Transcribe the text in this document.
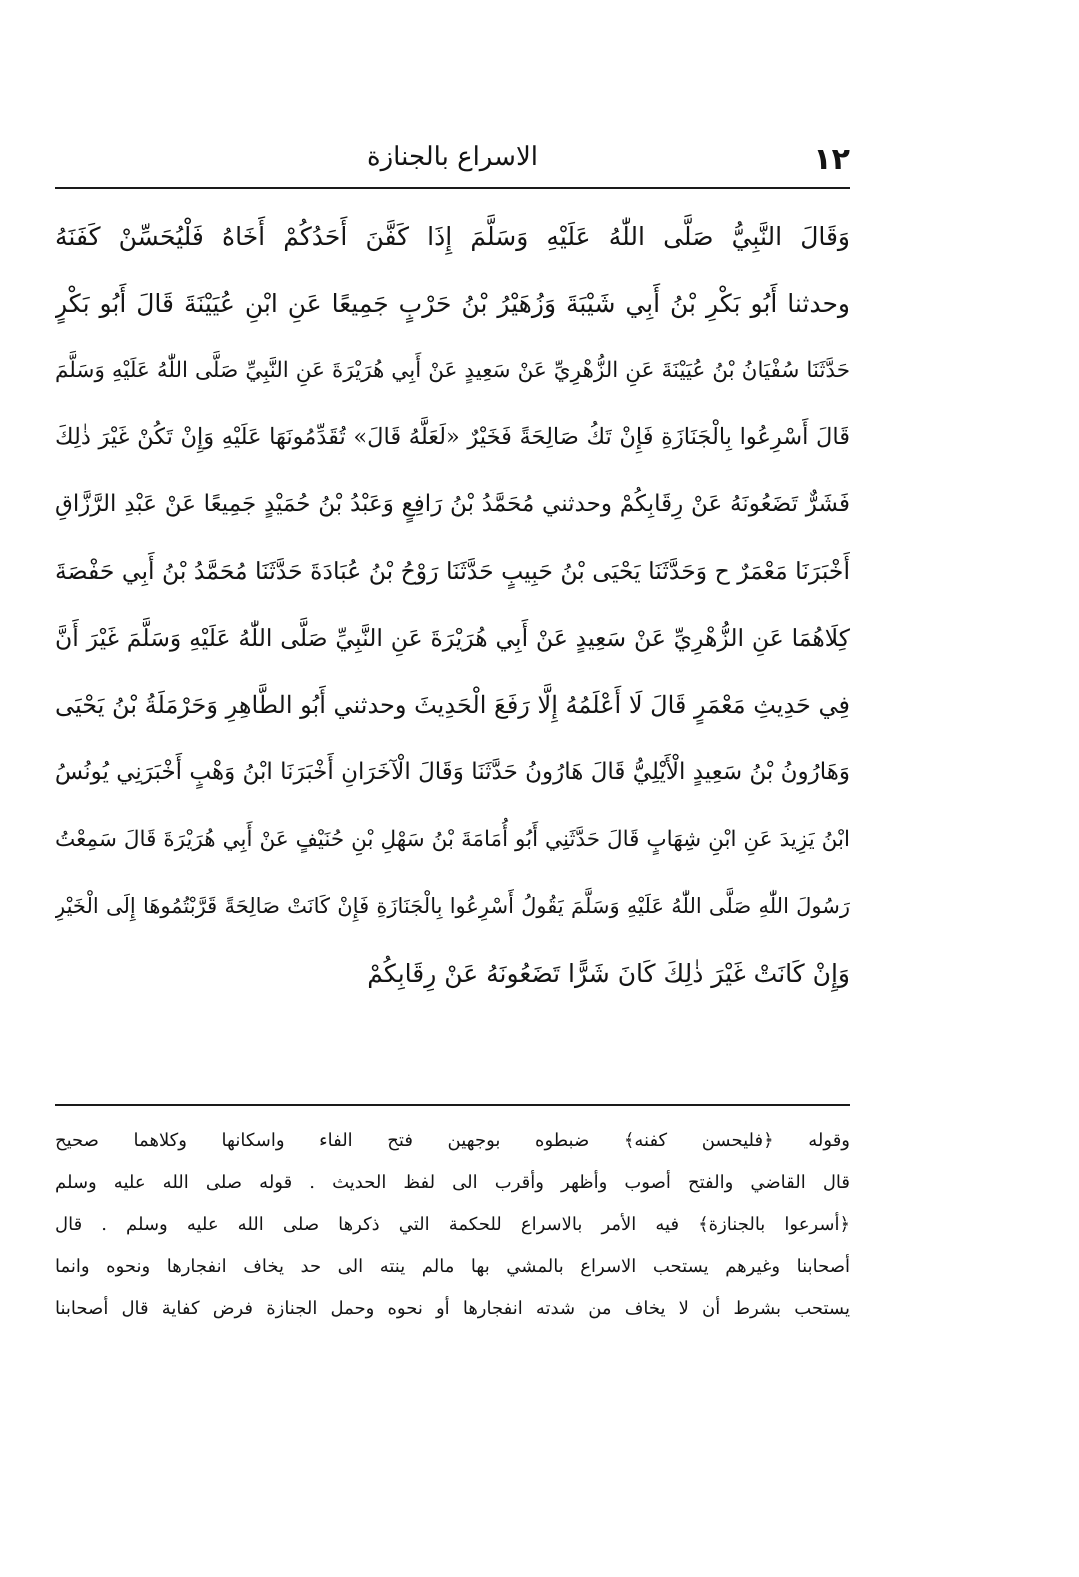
١٢
الاسراع بالجنازة
وَقَالَ النَّبِيُّ صَلَّى اللّٰهُ عَلَيْهِ وَسَلَّمَ إِذَا كَفَّنَ أَحَدُكُمْ أَخَاهُ فَلْيُحَسِّنْ كَفَنَهُ
وحدثنا أَبُو بَكْرِ بْنُ أَبِي شَيْبَةَ وَزُهَيْرُ بْنُ حَرْبٍ جَمِيعًا عَنِ ابْنِ عُيَيْنَةَ قَالَ أَبُو بَكْرٍ
حَدَّثَنَا سُفْيَانُ بْنُ عُيَيْنَةَ عَنِ الزُّهْرِيِّ عَنْ سَعِيدٍ عَنْ أَبِي هُرَيْرَةَ عَنِ النَّبِيِّ صَلَّى اللّٰهُ عَلَيْهِ وَسَلَّمَ
قَالَ أَسْرِعُوا بِالْجَنَازَةِ فَإِنْ تَكُ صَالِحَةً فَخَيْرٌ «لَعَلَّهُ قَالَ» تُقَدِّمُونَهَا عَلَيْهِ وَإِنْ تَكُنْ غَيْرَ ذٰلِكَ
فَشَرٌّ تَضَعُونَهُ عَنْ رِقَابِكُمْ وحدثني مُحَمَّدُ بْنُ رَافِعٍ وَعَبْدُ بْنُ حُمَيْدٍ جَمِيعًا عَنْ عَبْدِ الرَّزَّاقِ
أَخْبَرَنَا مَعْمَرٌ ح وَحَدَّثَنَا يَحْيَى بْنُ حَبِيبٍ حَدَّثَنَا رَوْحُ بْنُ عُبَادَةَ حَدَّثَنَا مُحَمَّدُ بْنُ أَبِي حَفْصَةَ
كِلَاهُمَا عَنِ الزُّهْرِيِّ عَنْ سَعِيدٍ عَنْ أَبِي هُرَيْرَةَ عَنِ النَّبِيِّ صَلَّى اللّٰهُ عَلَيْهِ وَسَلَّمَ غَيْرَ أَنَّ
فِي حَدِيثِ مَعْمَرٍ قَالَ لَا أَعْلَمُهُ إِلَّا رَفَعَ الْحَدِيثَ وحدثني أَبُو الطَّاهِرِ وَحَرْمَلَةُ بْنُ يَحْيَى
وَهَارُونُ بْنُ سَعِيدٍ الْأَيْلِيُّ قَالَ هَارُونُ حَدَّثَنَا وَقَالَ الْآخَرَانِ أَخْبَرَنَا ابْنُ وَهْبٍ أَخْبَرَنِي يُونُسُ
ابْنُ يَزِيدَ عَنِ ابْنِ شِهَابٍ قَالَ حَدَّثَنِي أَبُو أُمَامَةَ بْنُ سَهْلِ بْنِ حُنَيْفٍ عَنْ أَبِي هُرَيْرَةَ قَالَ سَمِعْتُ
رَسُولَ اللّٰهِ صَلَّى اللّٰهُ عَلَيْهِ وَسَلَّمَ يَقُولُ أَسْرِعُوا بِالْجَنَازَةِ فَإِنْ كَانَتْ صَالِحَةً قَرَّبْتُمُوهَا إِلَى الْخَيْرِ
وَإِنْ كَانَتْ غَيْرَ ذٰلِكَ كَانَ شَرًّا تَضَعُونَهُ عَنْ رِقَابِكُمْ
وقوله ﴿فليحسن كفنه﴾ ضبطوه بوجهين فتح الفاء واسكانها وكلاهما صحيح
قال القاضي والفتح أصوب وأظهر وأقرب الى لفظ الحديث . قوله صلى الله عليه وسلم
﴿أسرعوا بالجنازة﴾ فيه الأمر بالاسراع للحكمة التي ذكرها صلى الله عليه وسلم . قال
أصحابنا وغيرهم يستحب الاسراع بالمشي بها مالم ينته الى حد يخاف انفجارها ونحوه وانما
يستحب بشرط أن لا يخاف من شدته انفجارها أو نحوه وحمل الجنازة فرض كفاية قال أصحابنا
